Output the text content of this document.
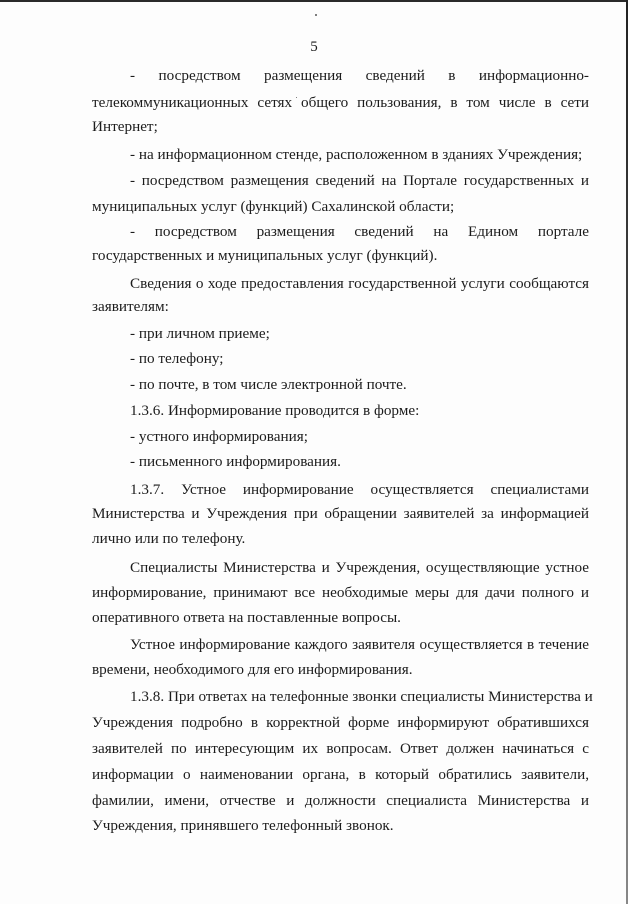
5
- посредством размещения сведений в информационно-
телекоммуникационных сетях общего пользования, в том числе в сети
Интернет;
- на информационном стенде, расположенном в зданиях Учреждения;
- посредством размещения сведений на Портале государственных и
муниципальных услуг (функций) Сахалинской области;
- посредством размещения сведений на Едином портале
государственных и муниципальных услуг (функций).
Сведения о ходе предоставления государственной услуги сообщаются
заявителям:
- при личном приеме;
- по телефону;
- по почте, в том числе электронной почте.
1.3.6. Информирование проводится в форме:
- устного информирования;
- письменного информирования.
1.3.7. Устное информирование осуществляется специалистами
Министерства и Учреждения при обращении заявителей за информацией
лично или по телефону.
Специалисты Министерства и Учреждения, осуществляющие устное
информирование, принимают все необходимые меры для дачи полного и
оперативного ответа на поставленные вопросы.
Устное информирование каждого заявителя осуществляется в течение
времени, необходимого для его информирования.
1.3.8. При ответах на телефонные звонки специалисты Министерства и
Учреждения подробно в корректной форме информируют обратившихся
заявителей по интересующим их вопросам. Ответ должен начинаться с
информации о наименовании органа, в который обратились заявители,
фамилии, имени, отчестве и должности специалиста Министерства и
Учреждения, принявшего телефонный звонок.
